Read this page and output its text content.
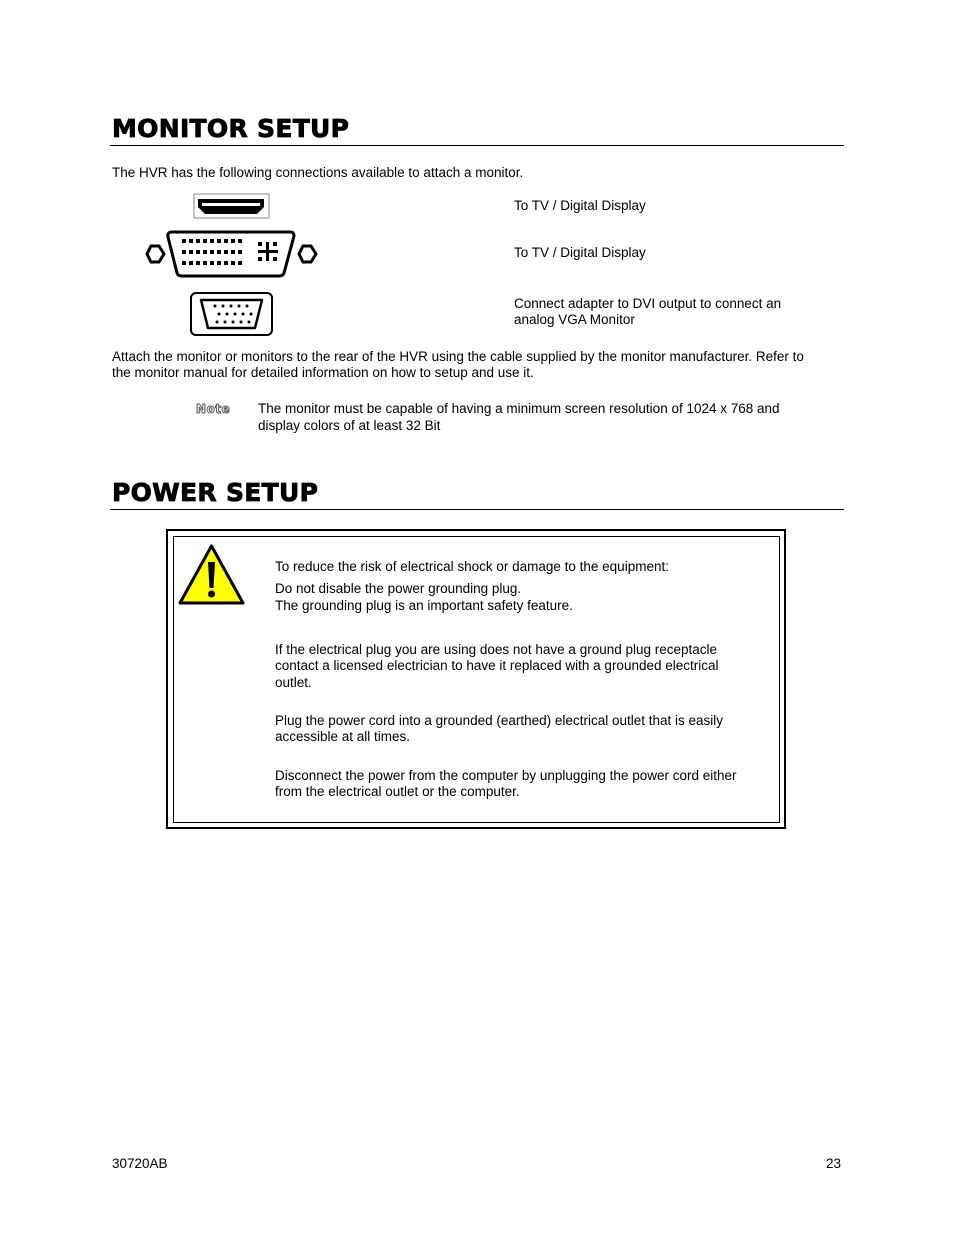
MONITOR SETUP
The HVR has the following connections available to attach a monitor.
To TV / Digital Display
To TV / Digital Display
Connect adapter to DVI output to connect an
analog VGA Monitor
Attach the monitor or monitors to the rear of the HVR using the cable supplied by the monitor manufacturer. Refer to
the monitor manual for detailed information on how to setup and use it.
Note The monitor must be capable of having a minimum screen resolution of 1024 x 768 and
display colors of at least 32 Bit
POWER SETUP
To reduce the risk of electrical shock or damage to the equipment:
Do not disable the power grounding plug.
The grounding plug is an important safety feature.
If the electrical plug you are using does not have a ground plug receptacle
contact a licensed electrician to have it replaced with a grounded electrical
outlet.
Plug the power cord into a grounded (earthed) electrical outlet that is easily
accessible at all times.
Disconnect the power from the computer by unplugging the power cord either
from the electrical outlet or the computer.
30720AB	23
